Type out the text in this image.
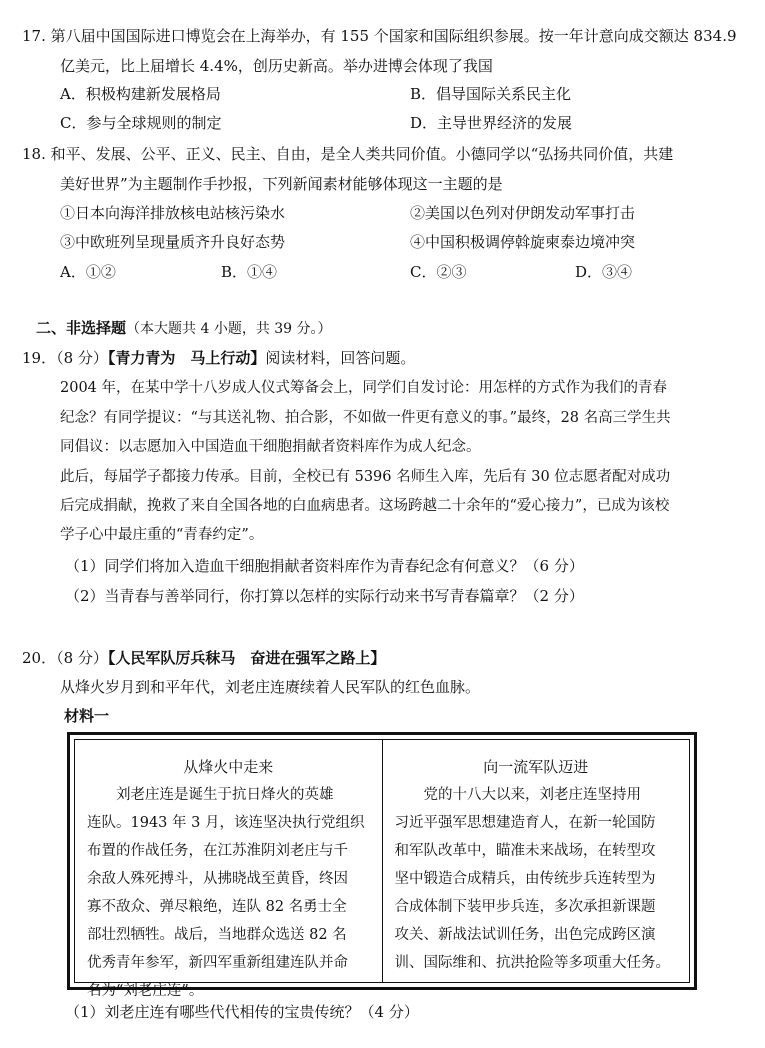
17. 第八届中国国际进口博览会在上海举办，有 155 个国家和国际组织参展。按一年计意向成交额达 834.9
亿美元，比上届增长 4.4%，创历史新高。举办进博会体现了我国
A．积极构建新发展格局	B．倡导国际关系民主化
C．参与全球规则的制定	D．主导世界经济的发展
18. 和平、发展、公平、正义、民主、自由，是全人类共同价值。小德同学以“弘扬共同价值，共建
美好世界”为主题制作手抄报，下列新闻素材能够体现这一主题的是
①日本向海洋排放核电站核污染水	②美国以色列对伊朗发动军事打击
③中欧班列呈现量质齐升良好态势	④中国积极调停斡旋柬泰边境冲突
A．①②	B．①④	C．②③	D．③④
二、非选择题（本大题共 4 小题，共 39 分。）
19．（8 分）【青力青为　马上行动】阅读材料，回答问题。
2004 年，在某中学十八岁成人仪式筹备会上，同学们自发讨论：用怎样的方式作为我们的青春
纪念？有同学提议：“与其送礼物、拍合影，不如做一件更有意义的事。”最终，28 名高三学生共
同倡议：以志愿加入中国造血干细胞捐献者资料库作为成人纪念。
此后，每届学子都接力传承。目前，全校已有 5396 名师生入库，先后有 30 位志愿者配对成功
后完成捐献，挽救了来自全国各地的白血病患者。这场跨越二十余年的“爱心接力”，已成为该校
学子心中最庄重的“青春约定”。
（1）同学们将加入造血干细胞捐献者资料库作为青春纪念有何意义？（6 分）
（2）当青春与善举同行，你打算以怎样的实际行动来书写青春篇章？（2 分）
20．（8 分）【人民军队厉兵秣马　奋进在强军之路上】
从烽火岁月到和平年代，刘老庄连赓续着人民军队的红色血脉。
材料一
从烽火中走来
刘老庄连是诞生于抗日烽火的英雄
连队。1943 年 3 月，该连坚决执行党组织
布置的作战任务，在江苏淮阴刘老庄与千
余敌人殊死搏斗，从拂晓战至黄昏，终因
寡不敌众、弹尽粮绝，连队 82 名勇士全
部壮烈牺牲。战后，当地群众选送 82 名
优秀青年参军，新四军重新组建连队并命
名为“刘老庄连”。
向一流军队迈进
党的十八大以来，刘老庄连坚持用
习近平强军思想建造育人，在新一轮国防
和军队改革中，瞄准未来战场，在转型攻
坚中锻造合成精兵，由传统步兵连转型为
合成体制下装甲步兵连，多次承担新课题
攻关、新战法试训任务，出色完成跨区演
训、国际维和、抗洪抢险等多项重大任务。
（1）刘老庄连有哪些代代相传的宝贵传统？（4 分）
